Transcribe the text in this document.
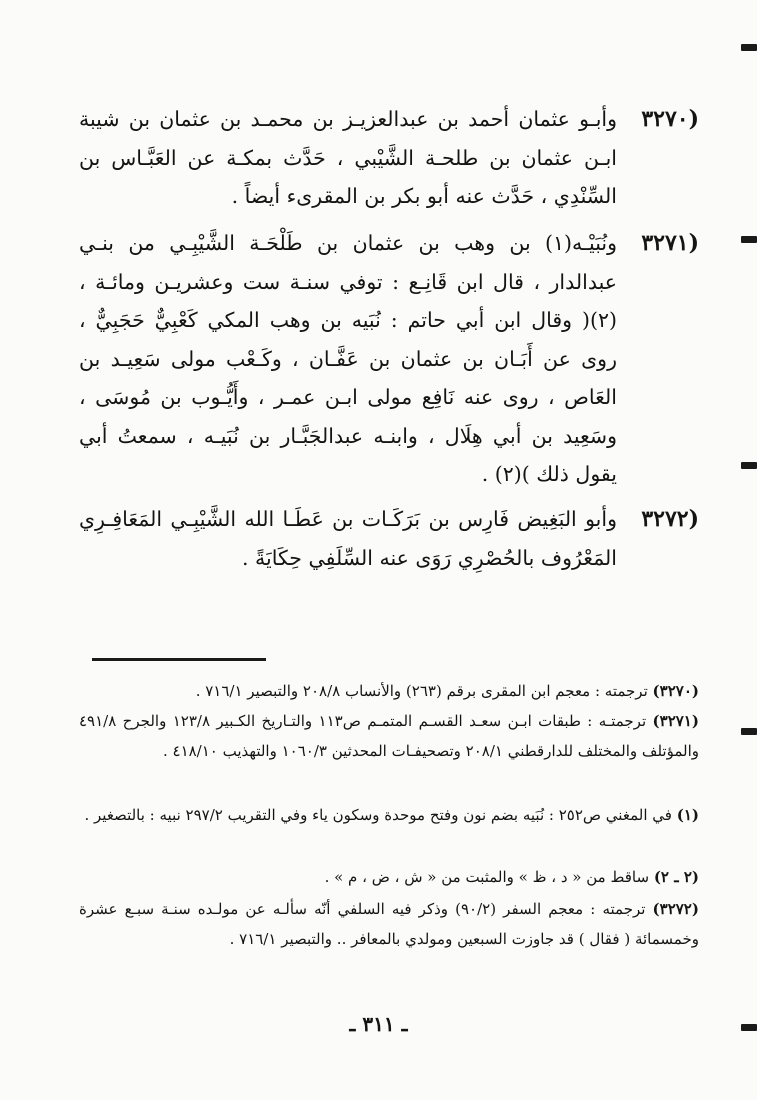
(٣٢٧٠
وأبـو عثمان أحمد بن عبدالعزيـز بن محمـد بن عثمان بن شيبة ابـن عثمان بن طلحـة الشَّيْبي ، حَدَّث بمكـة عن العَبَّـاس بن السِّنْدِي ، حَدَّث عنه أبو بكر بن المقرىء أيضاً .
(٣٢٧١
ونُبَيْـه(١) بن وهب بن عثمان بن طَلْحَـة الشَّيْبِـي من بنـي عبدالدار ، قال ابن قَانِـع : توفي سنـة ست وعشريـن ومائـة ، (٢)( وقال ابن أبي حاتم : نُبَيه بن وهب المكي كَعْبِيٌّ حَجَبِيٌّ ، روى عن أَبَـان بن عثمان بن عَفَّـان ، وكَـعْب مولى سَعِيـد بن العَاص ، روى عنه نَافِع مولى ابـن عمـر ، وأَيُّـوب بن مُوسَى ، وسَعِيد بن أبي هِلَال ، وابنـه عبدالجَبَّـار بن نُبَيـه ، سمعتُ أبي يقول ذلك )(٢) .
(٣٢٧٢
وأبو البَغِيض فَارِس بن بَرَكَـات بن عَطَـا الله الشَّيْبِـي المَعَافِـرِي المَعْرُوف بالحُصْرِي رَوَى عنه السِّلَفِي حِكَايَةً .
(٣٢٧٠) ترجمته : معجم ابن المقرى برقم (٢٦٣) والأنساب ٢٠٨/٨ والتبصير ٧١٦/١ .
(٣٢٧١) ترجمتـه : طبقات ابـن سعـد القسـم المتمـم ص١١٣ والتـاريخ الكـبير ١٢٣/٨ والجرح ٤٩١/٨ والمؤتلف والمختلف للدارقطني ٢٠٨/١ وتصحيفـات المحدثين ١٠٦٠/٣ والتهذيب ٤١٨/١٠ .
(١) في المغني ص٢٥٢ : نُبَيه بضم نون وفتح موحدة وسكون ياء وفي التقريب ٢٩٧/٢ نبيه : بالتصغير .
(٢ ـ ٢) ساقط من « د ، ظ » والمثبت من « ش ، ض ، م » .
(٣٢٧٢) ترجمته : معجم السفر (٩٠/٢) وذكر فيه السلفي أنّه سألـه عن مولـده سنـة سبـع عشرة وخمسمائة ( فقال ) قد جاوزت السبعين ومولدي بالمعافر .. والتبصير ٧١٦/١ .
ـ ٣١١ ـ
